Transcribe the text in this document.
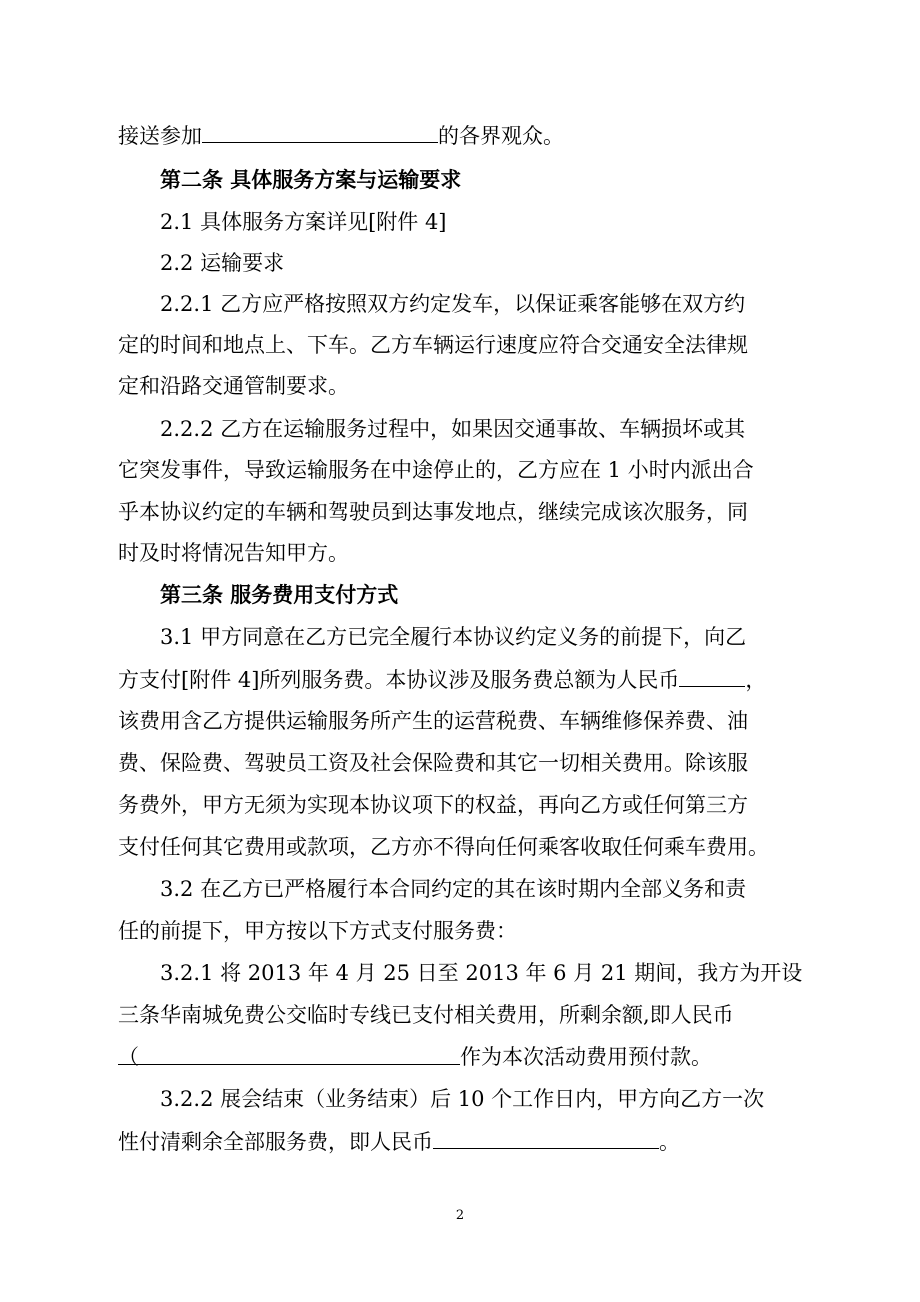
接送参加	的各界观众。
第二条 具体服务方案与运输要求
2.1 具体服务方案详见[附件 4]
2.2 运输要求
2.2.1 乙方应严格按照双方约定发车，以保证乘客能够在双方约
定的时间和地点上、下车。乙方车辆运行速度应符合交通安全法律规
定和沿路交通管制要求。
2.2.2 乙方在运输服务过程中，如果因交通事故、车辆损坏或其
它突发事件，导致运输服务在中途停止的，乙方应在 1 小时内派出合
乎本协议约定的车辆和驾驶员到达事发地点，继续完成该次服务，同
时及时将情况告知甲方。
第三条 服务费用支付方式
3.1 甲方同意在乙方已完全履行本协议约定义务的前提下，向乙
方支付[附件 4]所列服务费。本协议涉及服务费总额为人民币	，
该费用含乙方提供运输服务所产生的运营税费、车辆维修保养费、油
费、保险费、驾驶员工资及社会保险费和其它一切相关费用。除该服
务费外，甲方无须为实现本协议项下的权益，再向乙方或任何第三方
支付任何其它费用或款项，乙方亦不得向任何乘客收取任何乘车费用。
3.2 在乙方已严格履行本合同约定的其在该时期内全部义务和责
任的前提下，甲方按以下方式支付服务费：
3.2.1 将 2013 年 4 月 25 日至 2013 年 6 月 21 期间，我方为开设
三条华南城免费公交临时专线已支付相关费用，所剩余额,即人民币
（	作为本次活动费用预付款。
3.2.2 展会结束（业务结束）后 10 个工作日内，甲方向乙方一次
性付清剩余全部服务费，即人民币	。
2
